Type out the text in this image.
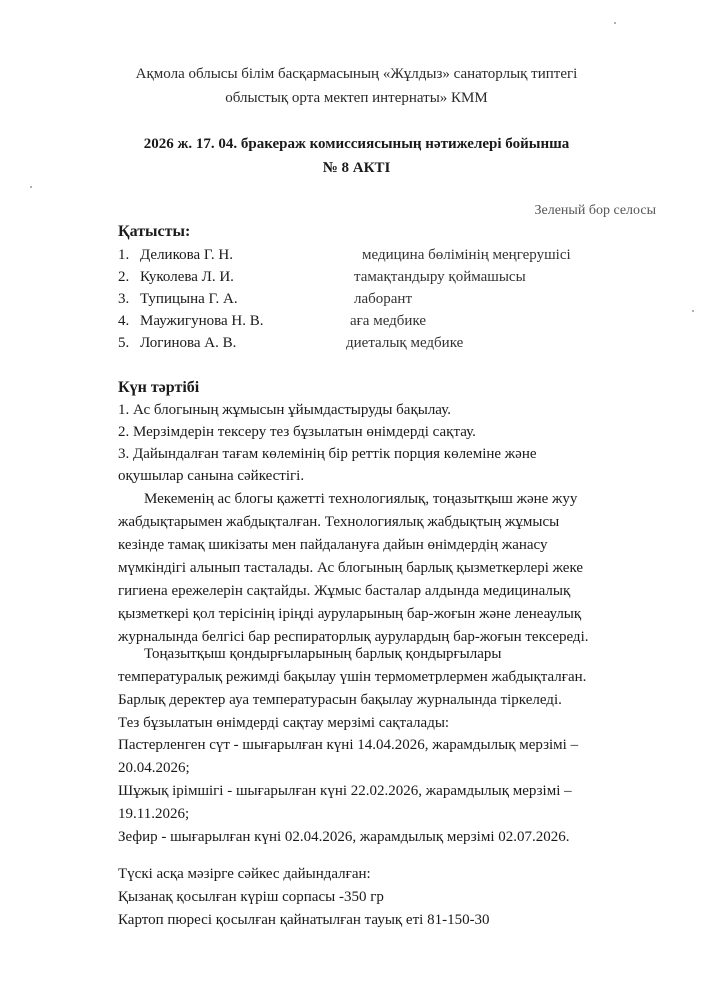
Ақмола облысы білім басқармасының «Жұлдыз» санаторлық типтегі
облыстық орта мектеп интернаты» КММ
2026 ж. 17. 04. бракераж комиссиясының нәтижелері бойынша
№ 8 АКТІ
Зеленый бор селосы
Қатысты:
1. Деликова Г. Н.	медицина бөлімінің меңгерушісі
2. Куколева Л. И.	тамақтандыру қоймашысы
3. Тупицына Г. А.	лаборант
4. Маужигунова Н. В.	аға медбике
5. Логинова А. В.	диеталық медбике
Күн тәртібі
1. Ас блогының жұмысын ұйымдастыруды бақылау.
2. Мерзімдерін тексеру тез бұзылатын өнімдерді сақтау.
3. Дайындалған тағам көлемінің бір реттік порция көлеміне және
оқушылар санына сәйкестігі.
Мекеменің ас блогы қажетті технологиялық, тоңазытқыш және жуу
жабдықтарымен жабдықталған. Технологиялық жабдықтың жұмысы
кезінде тамақ шикізаты мен пайдалануға дайын өнімдердің жанасу
мүмкіндігі алынып тасталады. Ас блогының барлық қызметкерлері жеке
гигиена ережелерін сақтайды. Жұмыс басталар алдында медициналық
қызметкері қол терісінің іріңді ауруларының бар-жоғын және ленеаулық
журналында белгісі бар респираторлық аурулардың бар-жоғын тексереді.
Тоңазытқыш қондырғыларының барлық қондырғылары
температуралық режимді бақылау үшін термометрлермен жабдықталған.
Барлық деректер ауа температурасын бақылау журналында тіркеледі.
Тез бұзылатын өнімдерді сақтау мерзімі сақталады:
Пастерленген сүт - шығарылған күні 14.04.2026, жарамдылық мерзімі –
20.04.2026;
Шұжық ірімшігі - шығарылған күні 22.02.2026, жарамдылық мерзімі –
19.11.2026;
Зефир - шығарылған күні 02.04.2026, жарамдылық мерзімі 02.07.2026.
Түскі асқа мәзірге сәйкес дайындалған:
Қызанақ қосылған күріш сорпасы -350 гр
Картоп пюресі қосылған қайнатылған тауық еті 81-150-30
